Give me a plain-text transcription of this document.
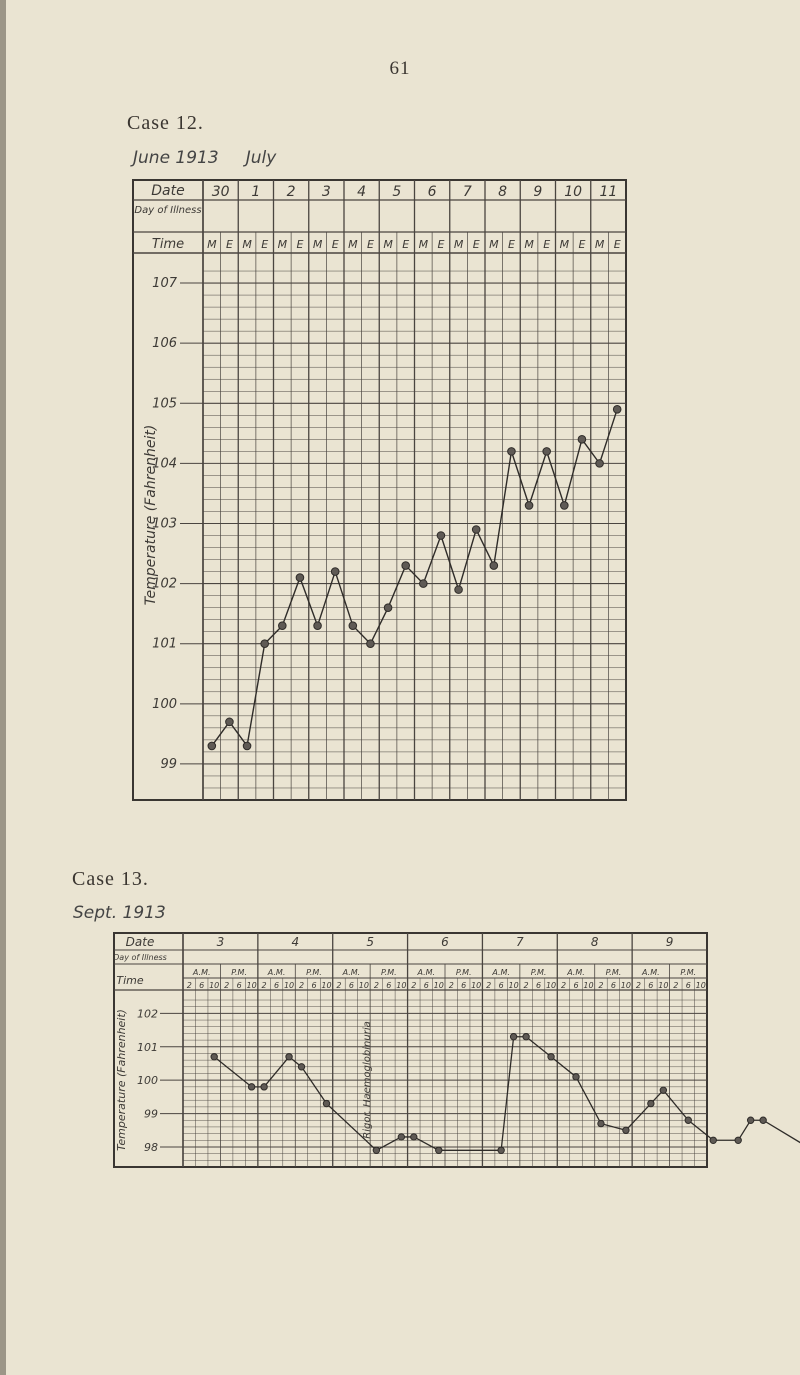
61
Case 12.
June 1913     July
Case 13.
Sept. 1913
Date
Day of Illness
Time
30
M E
1
M E
2
M E
3
M E
4
M E
5
M E
6
M E
7
M E
8
M E
9
M E
10
M E
11
M E
107
106
105
104
103
102
101
100
99
Temperature (Fahrenheit)
Date
Day of Illness
Time
3
A.M.
2 6 10
P.M.
2 6 10
4
A.M.
2 6 10
P.M.
2 6 10
5
A.M.
2 6 10
P.M.
2 6 10
6
A.M.
2 6 10
P.M.
2 6 10
7
A.M.
2 6 10
P.M.
2 6 10
8
A.M.
2 6 10
P.M.
2 6 10
9
A.M.
2 6 10
P.M.
2 6 10
102
101
100
99
98
Temperature (Fahrenheit)	Rigor. Haemoglobinuria
